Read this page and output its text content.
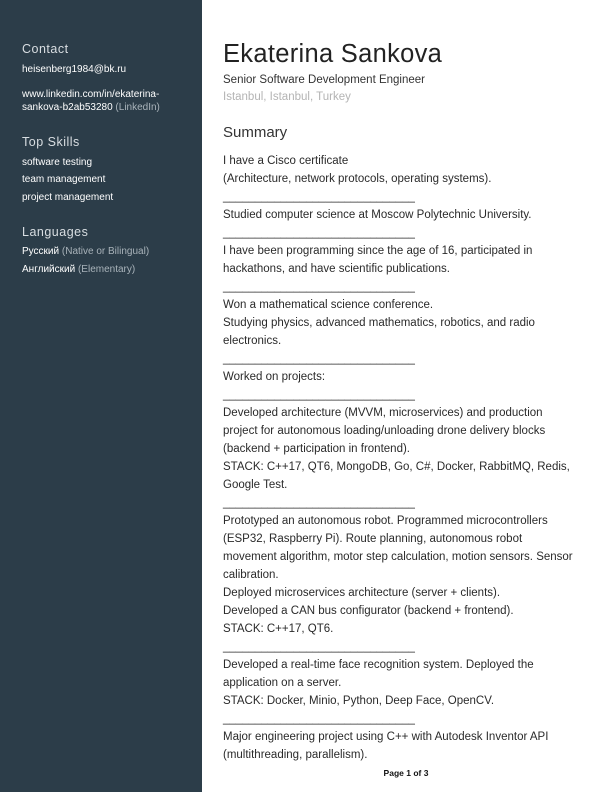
Contact
heisenberg1984@bk.ru
www.linkedin.com/in/ekaterina-
sankova-b2ab53280 (LinkedIn)
Top Skills
software testing
team management
project management
Languages
Русский (Native or Bilingual)
Английский (Elementary)
Ekaterina Sankova
Senior Software Development Engineer
Istanbul, Istanbul, Turkey
Summary
I have a Cisco certificate
(Architecture, network protocols, operating systems).
______________________________
Studied computer science at Moscow Polytechnic University.
______________________________
I have been programming since the age of 16, participated in
hackathons, and have scientific publications.
______________________________
Won a mathematical science conference.
Studying physics, advanced mathematics, robotics, and radio
electronics.
______________________________
Worked on projects:
______________________________
Developed architecture (MVVM, microservices) and production
project for autonomous loading/unloading drone delivery blocks
(backend + participation in frontend).
STACK: C++17, QT6, MongoDB, Go, C#, Docker, RabbitMQ, Redis,
Google Test.
______________________________
Prototyped an autonomous robot. Programmed microcontrollers
(ESP32, Raspberry Pi). Route planning, autonomous robot
movement algorithm, motor step calculation, motion sensors. Sensor
calibration.
Deployed microservices architecture (server + clients).
Developed a CAN bus configurator (backend + frontend).
STACK: C++17, QT6.
______________________________
Developed a real-time face recognition system. Deployed the
application on a server.
STACK: Docker, Minio, Python, Deep Face, OpenCV.
______________________________
Major engineering project using C++ with Autodesk Inventor API
(multithreading, parallelism).
Page 1 of 3
